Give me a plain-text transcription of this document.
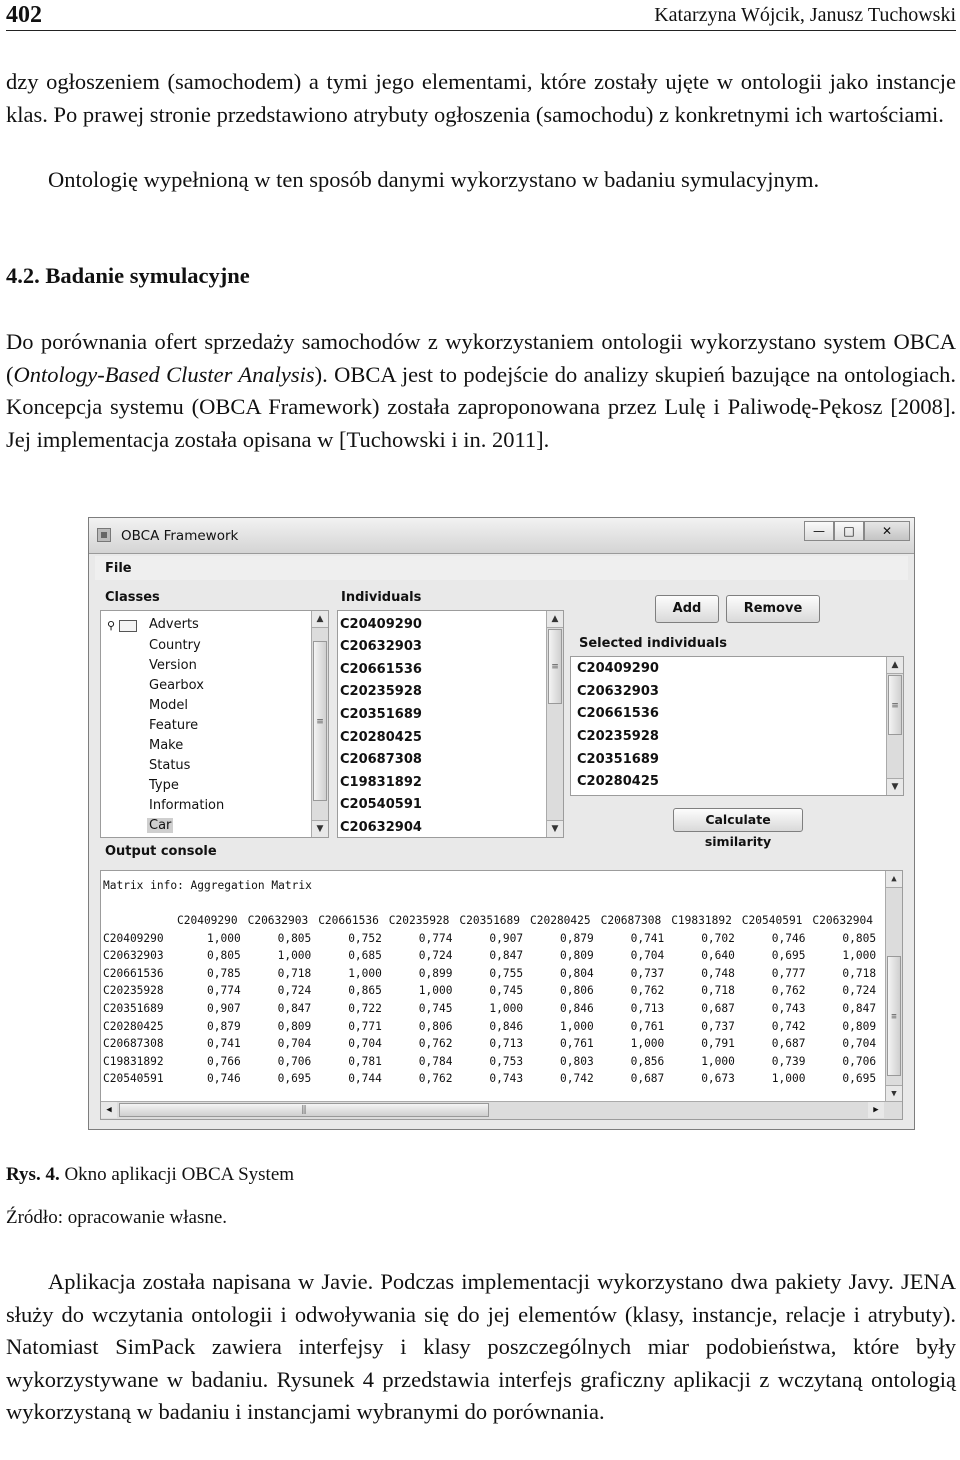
402	Katarzyna Wójcik, Janusz Tuchowski

dzy ogłoszeniem (samochodem) a tymi jego elementami, które zostały ujęte w ontologii jako instancje klas. Po prawej stronie przedstawiono atrybuty ogłoszenia (samochodu) z konkretnymi ich wartościami.

Ontologię wypełnioną w ten sposób danymi wykorzystano w badaniu symulacyjnym.

4.2. Badanie symulacyjne

Do porównania ofert sprzedaży samochodów z wykorzystaniem ontologii wykorzystano system OBCA (Ontology-Based Cluster Analysis). OBCA jest to podejście do analizy skupień bazujące na ontologiach. Koncepcja systemu (OBCA Framework) została zaproponowana przez Lulę i Paliwodę-Pękosz [2008]. Jej implementacja została opisana w [Tuchowski i in. 2011].

OBCA Framework	—	□	✕
File
Classes	Individuals
⚲	Adverts
Country
Version
Gearbox
Model
Feature
Make
Status
Type
Information
Car
▲
≡
▼
C20409290
C20632903
C20661536
C20235928
C20351689
C20280425
C20687308
C19831892
C20540591
C20632904
▲
≡
▼
Add	Remove
Selected individuals
C20409290
C20632903
C20661536
C20235928
C20351689
C20280425
▲
≡
▼
Calculate similarity
Output console
Matrix info: Aggregation Matrix
C20409290 C20632903 C20661536 C20235928 C20351689 C20280425 C20687308 C19831892 C20540591 C20632904
C20409290	1,000	0,805	0,752	0,774	0,907	0,879	0,741	0,702	0,746	0,805
C20632903	0,805	1,000	0,685	0,724	0,847	0,809	0,704	0,640	0,695	1,000
C20661536	0,785	0,718	1,000	0,899	0,755	0,804	0,737	0,748	0,777	0,718
C20235928	0,774	0,724	0,865	1,000	0,745	0,806	0,762	0,718	0,762	0,724
C20351689	0,907	0,847	0,722	0,745	1,000	0,846	0,713	0,687	0,743	0,847
C20280425	0,879	0,809	0,771	0,806	0,846	1,000	0,761	0,737	0,742	0,809
C20687308	0,741	0,704	0,704	0,762	0,713	0,761	1,000	0,791	0,687	0,704
C19831892	0,766	0,706	0,781	0,784	0,753	0,803	0,856	1,000	0,739	0,706
C20540591	0,746	0,695	0,744	0,762	0,743	0,742	0,687	0,673	1,000	0,695
▲
≡
▼
◀	‖	▶
Rys. 4. Okno aplikacji OBCA System
Źródło: opracowanie własne.

Aplikacja została napisana w Javie. Podczas implementacji wykorzystano dwa pakiety Javy. JENA służy do wczytania ontologii i odwoływania się do jej elementów (klasy, instancje, relacje i atrybuty). Natomiast SimPack zawiera interfejsy i klasy poszczególnych miar podobieństwa, które były wykorzystywane w badaniu. Rysunek 4 przedstawia interfejs graficzny aplikacji z wczytaną ontologią wykorzystaną w badaniu i instancjami wybranymi do porównania.
